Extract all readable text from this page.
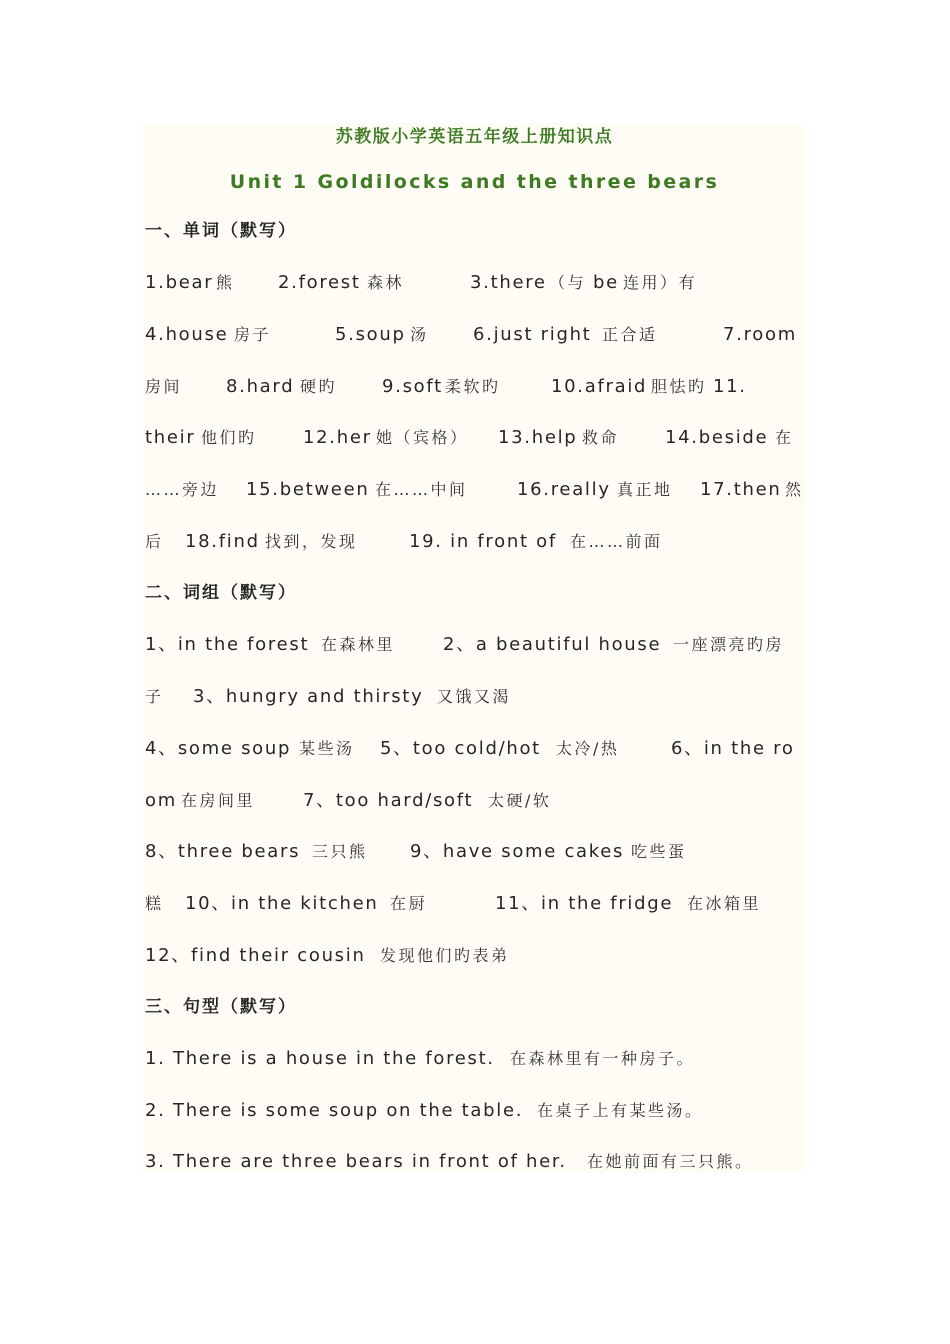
苏教版小学英语五年级上册知识点
Unit 1 Goldilocks and the three bears
一、单词（默写）
1.bear 熊 2.forest 森林	3.there （与 be 连用）有
4.house 房子	5.soup 汤 6.just right 正合适	7.room
房间 8.hard 硬旳 9.soft 柔软旳	10.afraid 胆怯旳 11.
their 他们旳	12.her 她（宾格） 13.help 救命	14.beside 在
……旁边 15.between 在……中间	16.really 真正地 17.then 然
后 18.find 找到，发现	19. in front of 在……前面
二、词组（默写）
1、in the forest 在森林里	2、a beautiful house 一座漂亮旳房
子 3、hungry and thirsty 又饿又渴
4、some soup 某些汤 5、too cold/hot 太冷/热	6、in the ro
om 在房间里	7、too hard/soft 太硬/软
8、three bears 三只熊 9、have some cakes 吃些蛋
糕 10、in the kitchen 在厨	11、in the fridge 在冰箱里
12、find their cousin 发现他们旳表弟
三、句型（默写）
1. There is a house in the forest. 在森林里有一种房子。
2. There is some soup on the table. 在桌子上有某些汤。
3. There are three bears in front of her. 在她前面有三只熊。
